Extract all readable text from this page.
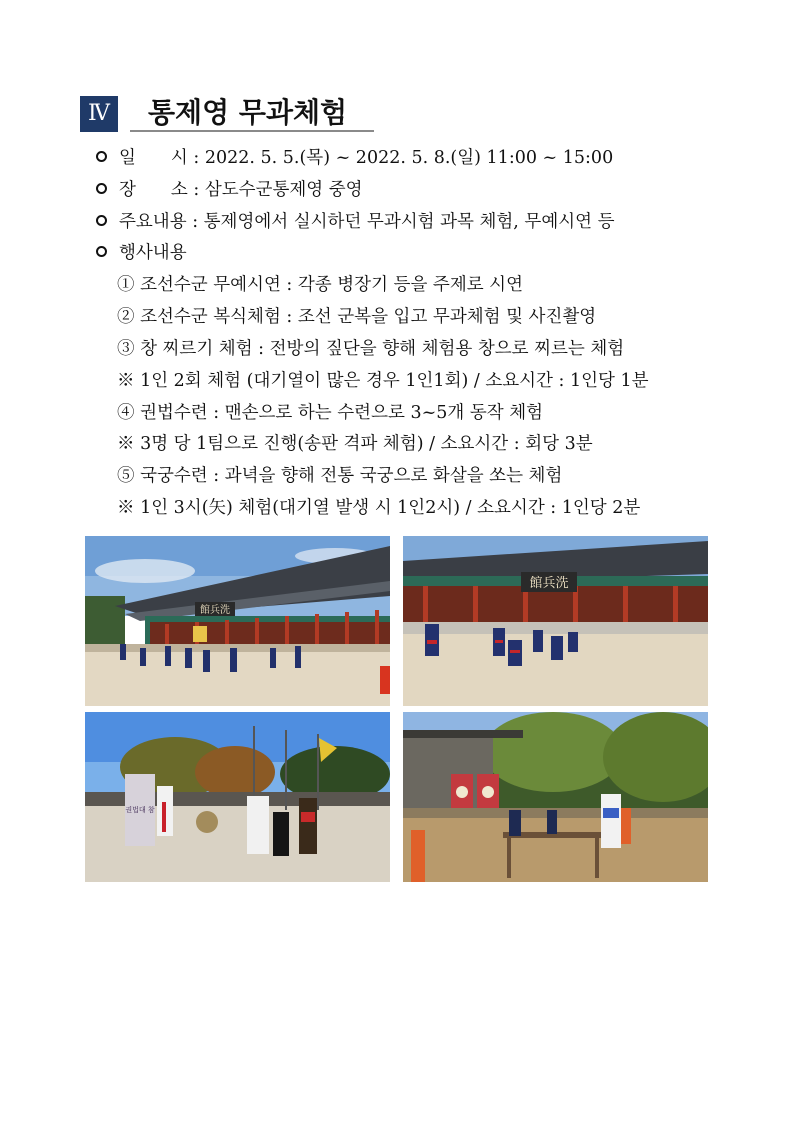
Ⅳ	통제영 무과체험
일　　시 : 2022. 5. 5.(목) ~ 2022. 5. 8.(일) 11:00 ~ 15:00
장　　소 : 삼도수군통제영 중영
주요내용 : 통제영에서 실시하던 무과시험 과목 체험, 무예시연 등
행사내용
① 조선수군 무예시연 : 각종 병장기 등을 주제로 시연
② 조선수군 복식체험 : 조선 군복을 입고 무과체험 및 사진촬영
③ 창 찌르기 체험 : 전방의 짚단을 향해 체험용 창으로 찌르는 체험
※ 1인 2회 체험 (대기열이 많은 경우 1인1회) / 소요시간 : 1인당 1분
④ 권법수련 : 맨손으로 하는 수련으로 3~5개 동작 체험
※ 3명 당 1팀으로 진행(송판 격파 체험) / 소요시간 : 회당 3분
⑤ 국궁수련 : 과녁을 향해 전통 국궁으로 화살을 쏘는 체험
※ 1인 3시(矢) 체험(대기열 발생 시 1인2시) / 소요시간 : 1인당 2분
館兵洗
館兵洗
권법대 참
